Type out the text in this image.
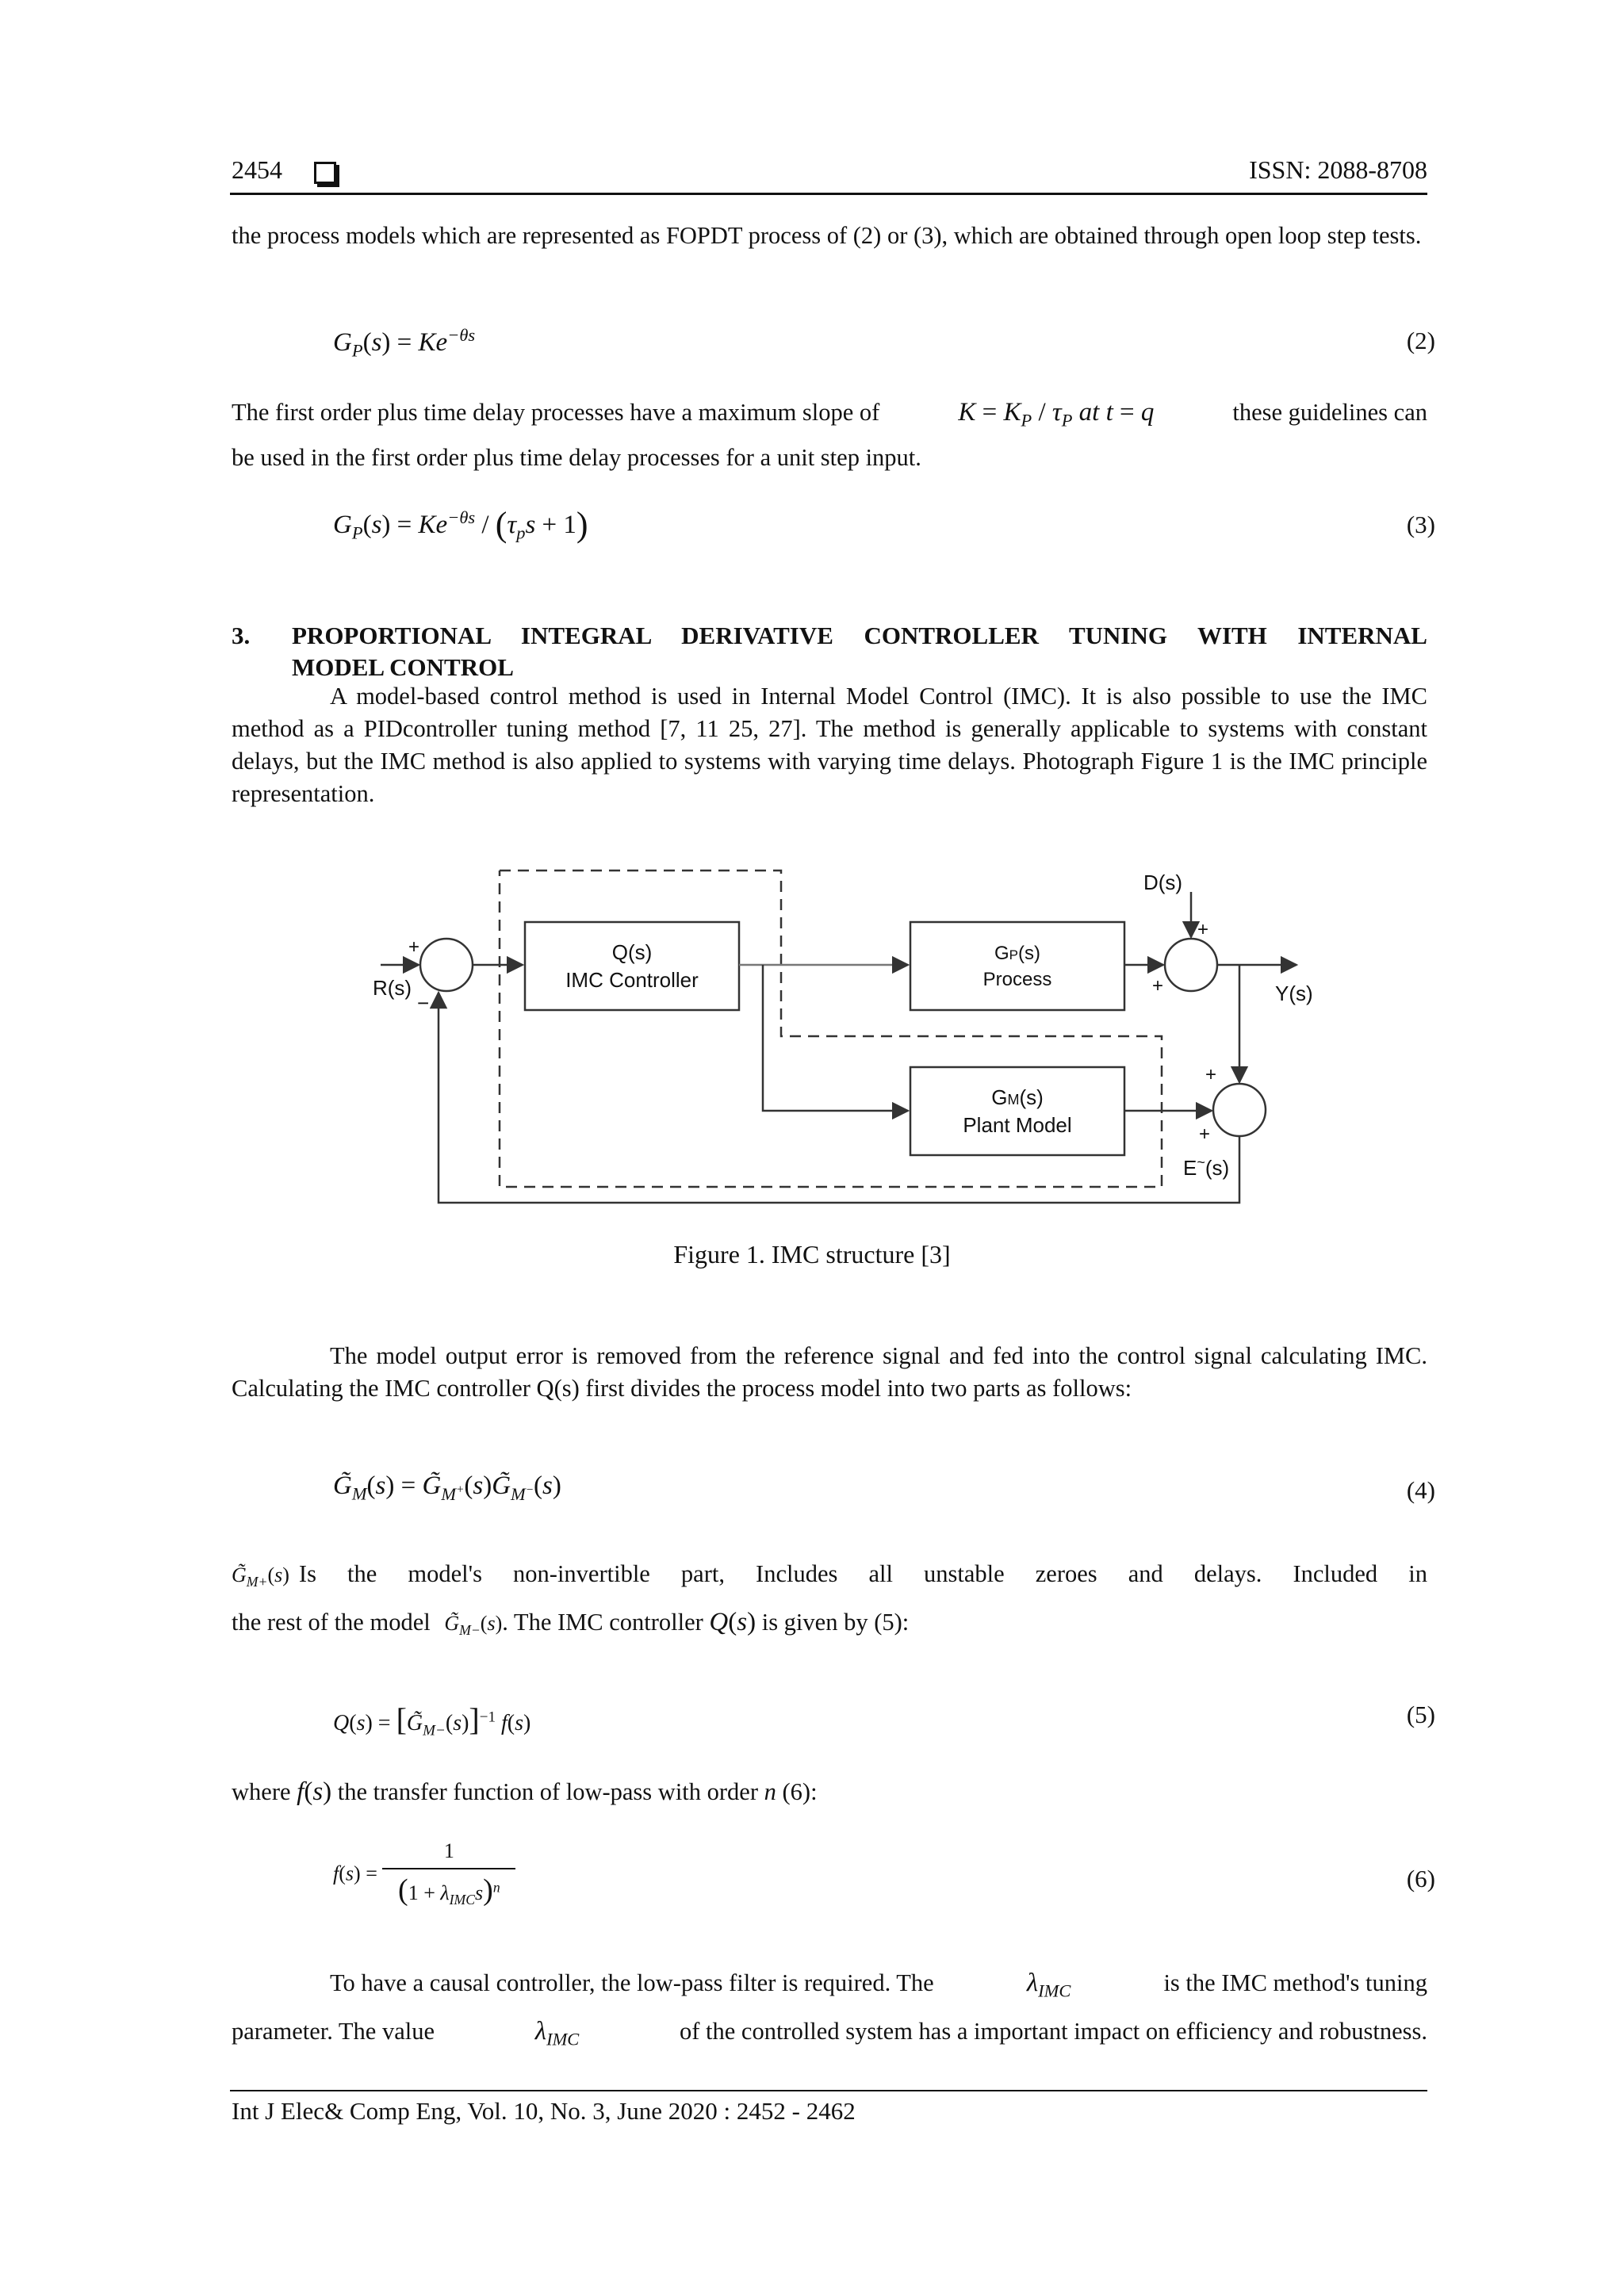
2454	ISSN: 2088-8708
the process models which are represented as FOPDT process of (2) or (3), which are obtained through open loop step tests.
$G_P(s) = Ke^{-\theta s}$	(2)
The first order plus time delay processes have a maximum slope of	$K = K_P / \tau_P$ at t = q	these guidelines can
be used in the first order plus time delay processes for a unit step input.
$G_P(s) = Ke^{-\theta s} / (\tau_ps + 1)$	(3)
3.	PROPORTIONAL INTEGRAL DERIVATIVE CONTROLLER TUNING WITH INTERNAL
MODEL CONTROL
A model-based control method is used in Internal Model Control (IMC). It is also possible to use the IMC method as a PIDcontroller tuning method [7, 11 25, 27]. The method is generally applicable to systems with constant delays, but the IMC method is also applied to systems with varying time delays. Photograph Figure 1 is the IMC principle representation.
Q(s)
IMC Controller
GP(s)
Process
GM(s)
Plant Model
R(s)
D(s)
Y(s)
E~(s)
+
−
+
+
+
+
Figure 1. IMC structure [3]
The model output error is removed from the reference signal and fed into the control signal calculating IMC. Calculating the IMC controller Q(s) first divides the process model into two parts as follows:
$G̃_M(s)$ = $G̃_{M^+}(s)G̃_{M^-}(s)$	(4)
$G̃_{M+}(s)$ Is the model's non-invertible part, Includes all unstable zeroes and delays. Included in
the rest of the model $G̃_{M-}(s)$. The IMC controller Q(s) is given by (5):
$Q(s) = [G̃_{M-}(s)]^{-1}$ f(s)	(5)
where f(s) the transfer function of low-pass with order n (6):
$f(s) = \frac{1}{(1 + \lambda_{IMC}s)^n}$	(6)
To have a causal controller, the low-pass filter is required. The	$\lambda_{IMC}$	is the IMC method's tuning
parameter. The value	$\lambda_{IMC}$	of the controlled system has a important impact on efficiency and robustness.
Int J Elec& Comp Eng, Vol. 10, No. 3, June 2020 : 2452 - 2462
